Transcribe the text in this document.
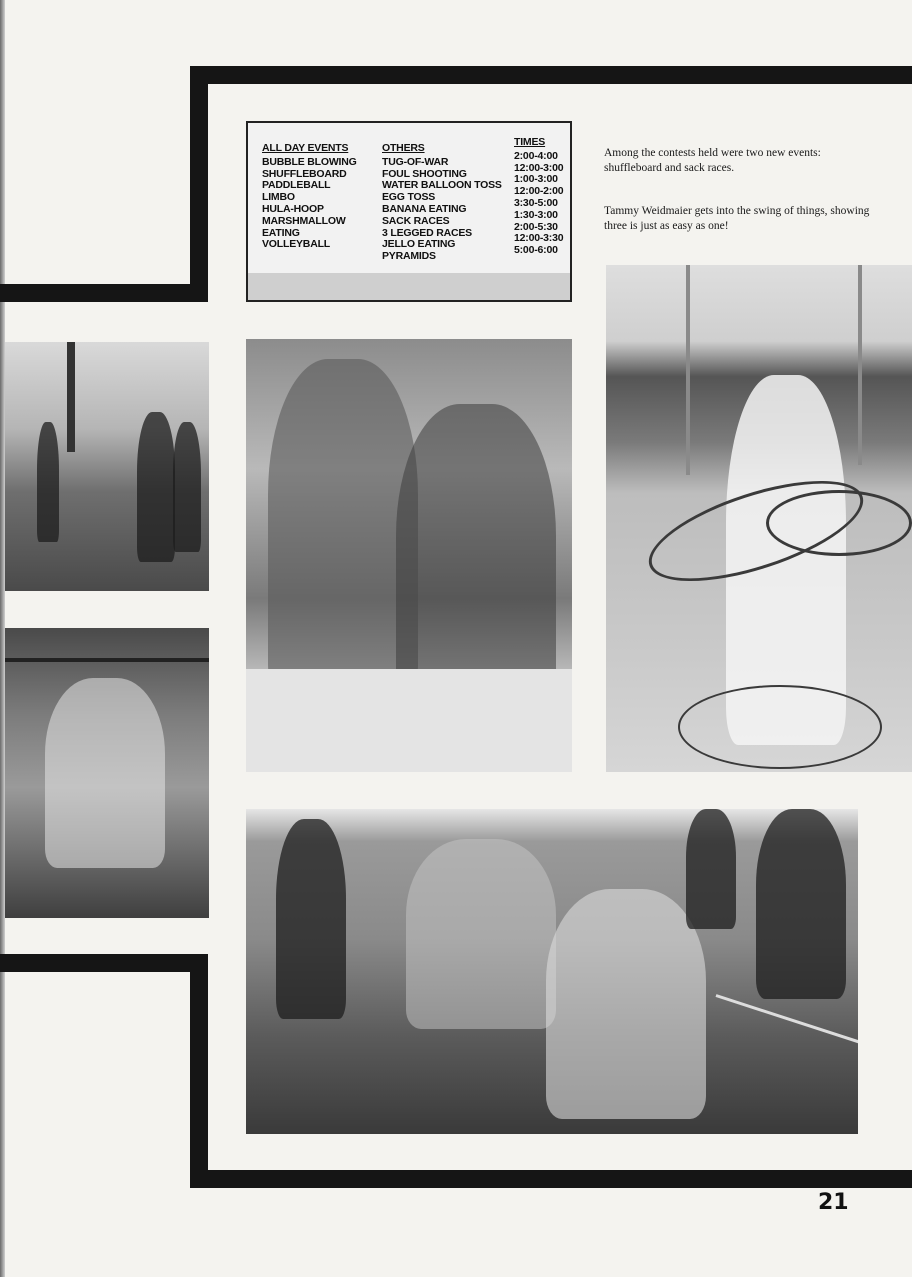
ALL DAY EVENTS
BUBBLE BLOWING
SHUFFLEBOARD
PADDLEBALL
LIMBO
HULA-HOOP
MARSHMALLOW
EATING
VOLLEYBALL
OTHERS
TUG-OF-WAR
FOUL SHOOTING
WATER BALLOON TOSS
EGG TOSS
BANANA EATING
SACK RACES
3 LEGGED RACES
JELLO EATING
PYRAMIDS
TIMES
2:00-4:00
12:00-3:00
1:00-3:00
12:00-2:00
3:30-5:00
1:30-3:00
2:00-5:30
12:00-3:30
5:00-6:00
Among the contests held were two new events: shuffleboard and sack races.
Tammy Weidmaier gets into the swing of things, showing three is just as easy as one!
21
